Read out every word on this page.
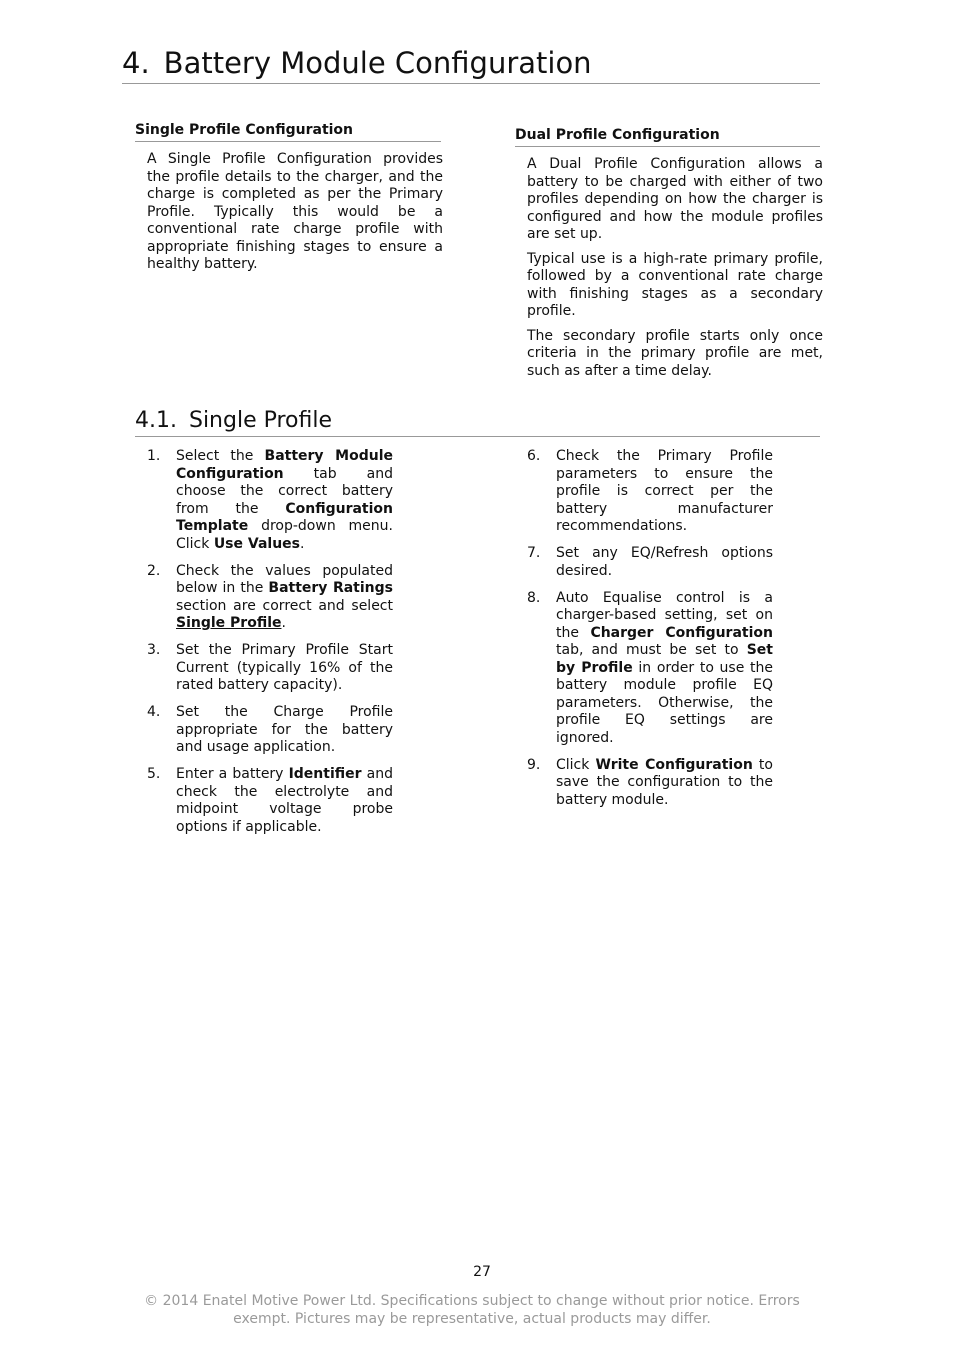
4. Battery Module Configuration
Single Profile Configuration

A Single Profile Configuration provides the profile details to the charger, and the charge is completed as per the Primary Profile. Typically this would be a conventional rate charge profile with appropriate finishing stages to ensure a healthy battery.

Dual Profile Configuration

A Dual Profile Configuration allows a battery to be charged with either of two profiles depending on how the charger is configured and how the module profiles are set up.

Typical use is a high-rate primary profile, followed by a conventional rate charge with finishing stages as a secondary profile.

The secondary profile starts only once criteria in the primary profile are met, such as after a time delay.

4.1. Single Profile
1. Select the Battery Module Configuration tab and choose the correct battery from the Configuration Template drop-down menu. Click Use Values.
2. Check the values populated below in the Battery Ratings section are correct and select Single Profile.
3. Set the Primary Profile Start Current (typically 16% of the rated battery capacity).
4. Set the Charge Profile appropriate for the battery and usage application.
5. Enter a battery Identifier and check the electrolyte and midpoint voltage probe options if applicable.
6. Check the Primary Profile parameters to ensure the profile is correct per the battery manufacturer recommendations.
7. Set any EQ/Refresh options desired.
8. Auto Equalise control is a charger-based setting, set on the Charger Configuration tab, and must be set to Set by Profile in order to use the battery module profile EQ parameters. Otherwise, the profile EQ settings are ignored.
9. Click Write Configuration to save the configuration to the battery module.
27
© 2014 Enatel Motive Power Ltd. Specifications subject to change without prior notice. Errors
exempt. Pictures may be representative, actual products may differ.
